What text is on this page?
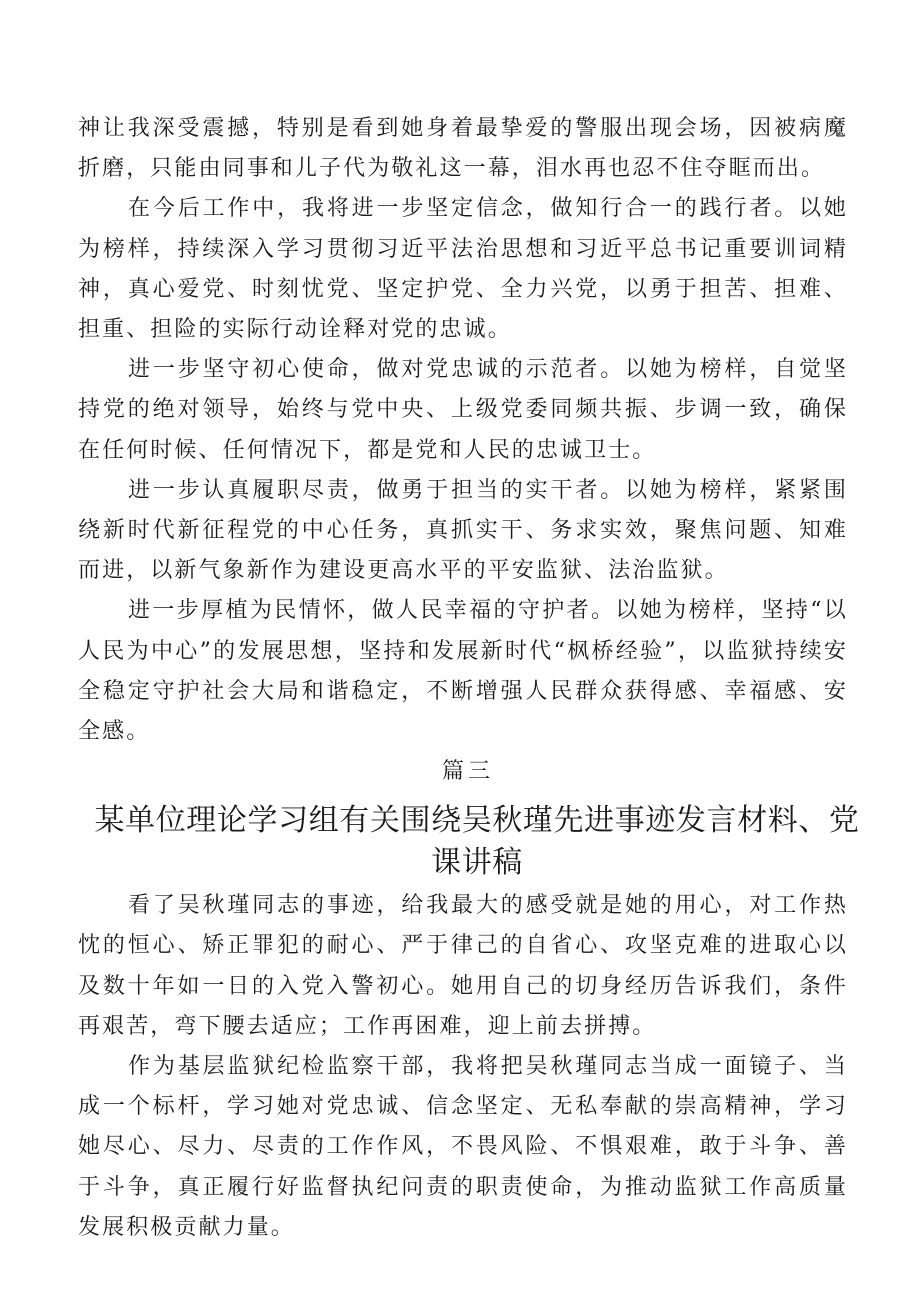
神让我深受震撼，特别是看到她身着最挚爱的警服出现会场，因被病魔折磨，只能由同事和儿子代为敬礼这一幕，泪水再也忍不住夺眶而出。

在今后工作中，我将进一步坚定信念，做知行合一的践行者。以她为榜样，持续深入学习贯彻习近平法治思想和习近平总书记重要训词精神，真心爱党、时刻忧党、坚定护党、全力兴党，以勇于担苦、担难、担重、担险的实际行动诠释对党的忠诚。

进一步坚守初心使命，做对党忠诚的示范者。以她为榜样，自觉坚持党的绝对领导，始终与党中央、上级党委同频共振、步调一致，确保在任何时候、任何情况下，都是党和人民的忠诚卫士。

进一步认真履职尽责，做勇于担当的实干者。以她为榜样，紧紧围绕新时代新征程党的中心任务，真抓实干、务求实效，聚焦问题、知难而进，以新气象新作为建设更高水平的平安监狱、法治监狱。

进一步厚植为民情怀，做人民幸福的守护者。以她为榜样，坚持“以人民为中心”的发展思想，坚持和发展新时代“枫桥经验”，以监狱持续安全稳定守护社会大局和谐稳定，不断增强人民群众获得感、幸福感、安全感。

篇三

某单位理论学习组有关围绕吴秋瑾先进事迹发言材料、党课讲稿

看了吴秋瑾同志的事迹，给我最大的感受就是她的用心，对工作热忱的恒心、矫正罪犯的耐心、严于律己的自省心、攻坚克难的进取心以及数十年如一日的入党入警初心。她用自己的切身经历告诉我们，条件再艰苦，弯下腰去适应；工作再困难，迎上前去拼搏。

作为基层监狱纪检监察干部，我将把吴秋瑾同志当成一面镜子、当成一个标杆，学习她对党忠诚、信念坚定、无私奉献的崇高精神，学习她尽心、尽力、尽责的工作作风，不畏风险、不惧艰难，敢于斗争、善于斗争，真正履行好监督执纪问责的职责使命，为推动监狱工作高质量发展积极贡献力量。
